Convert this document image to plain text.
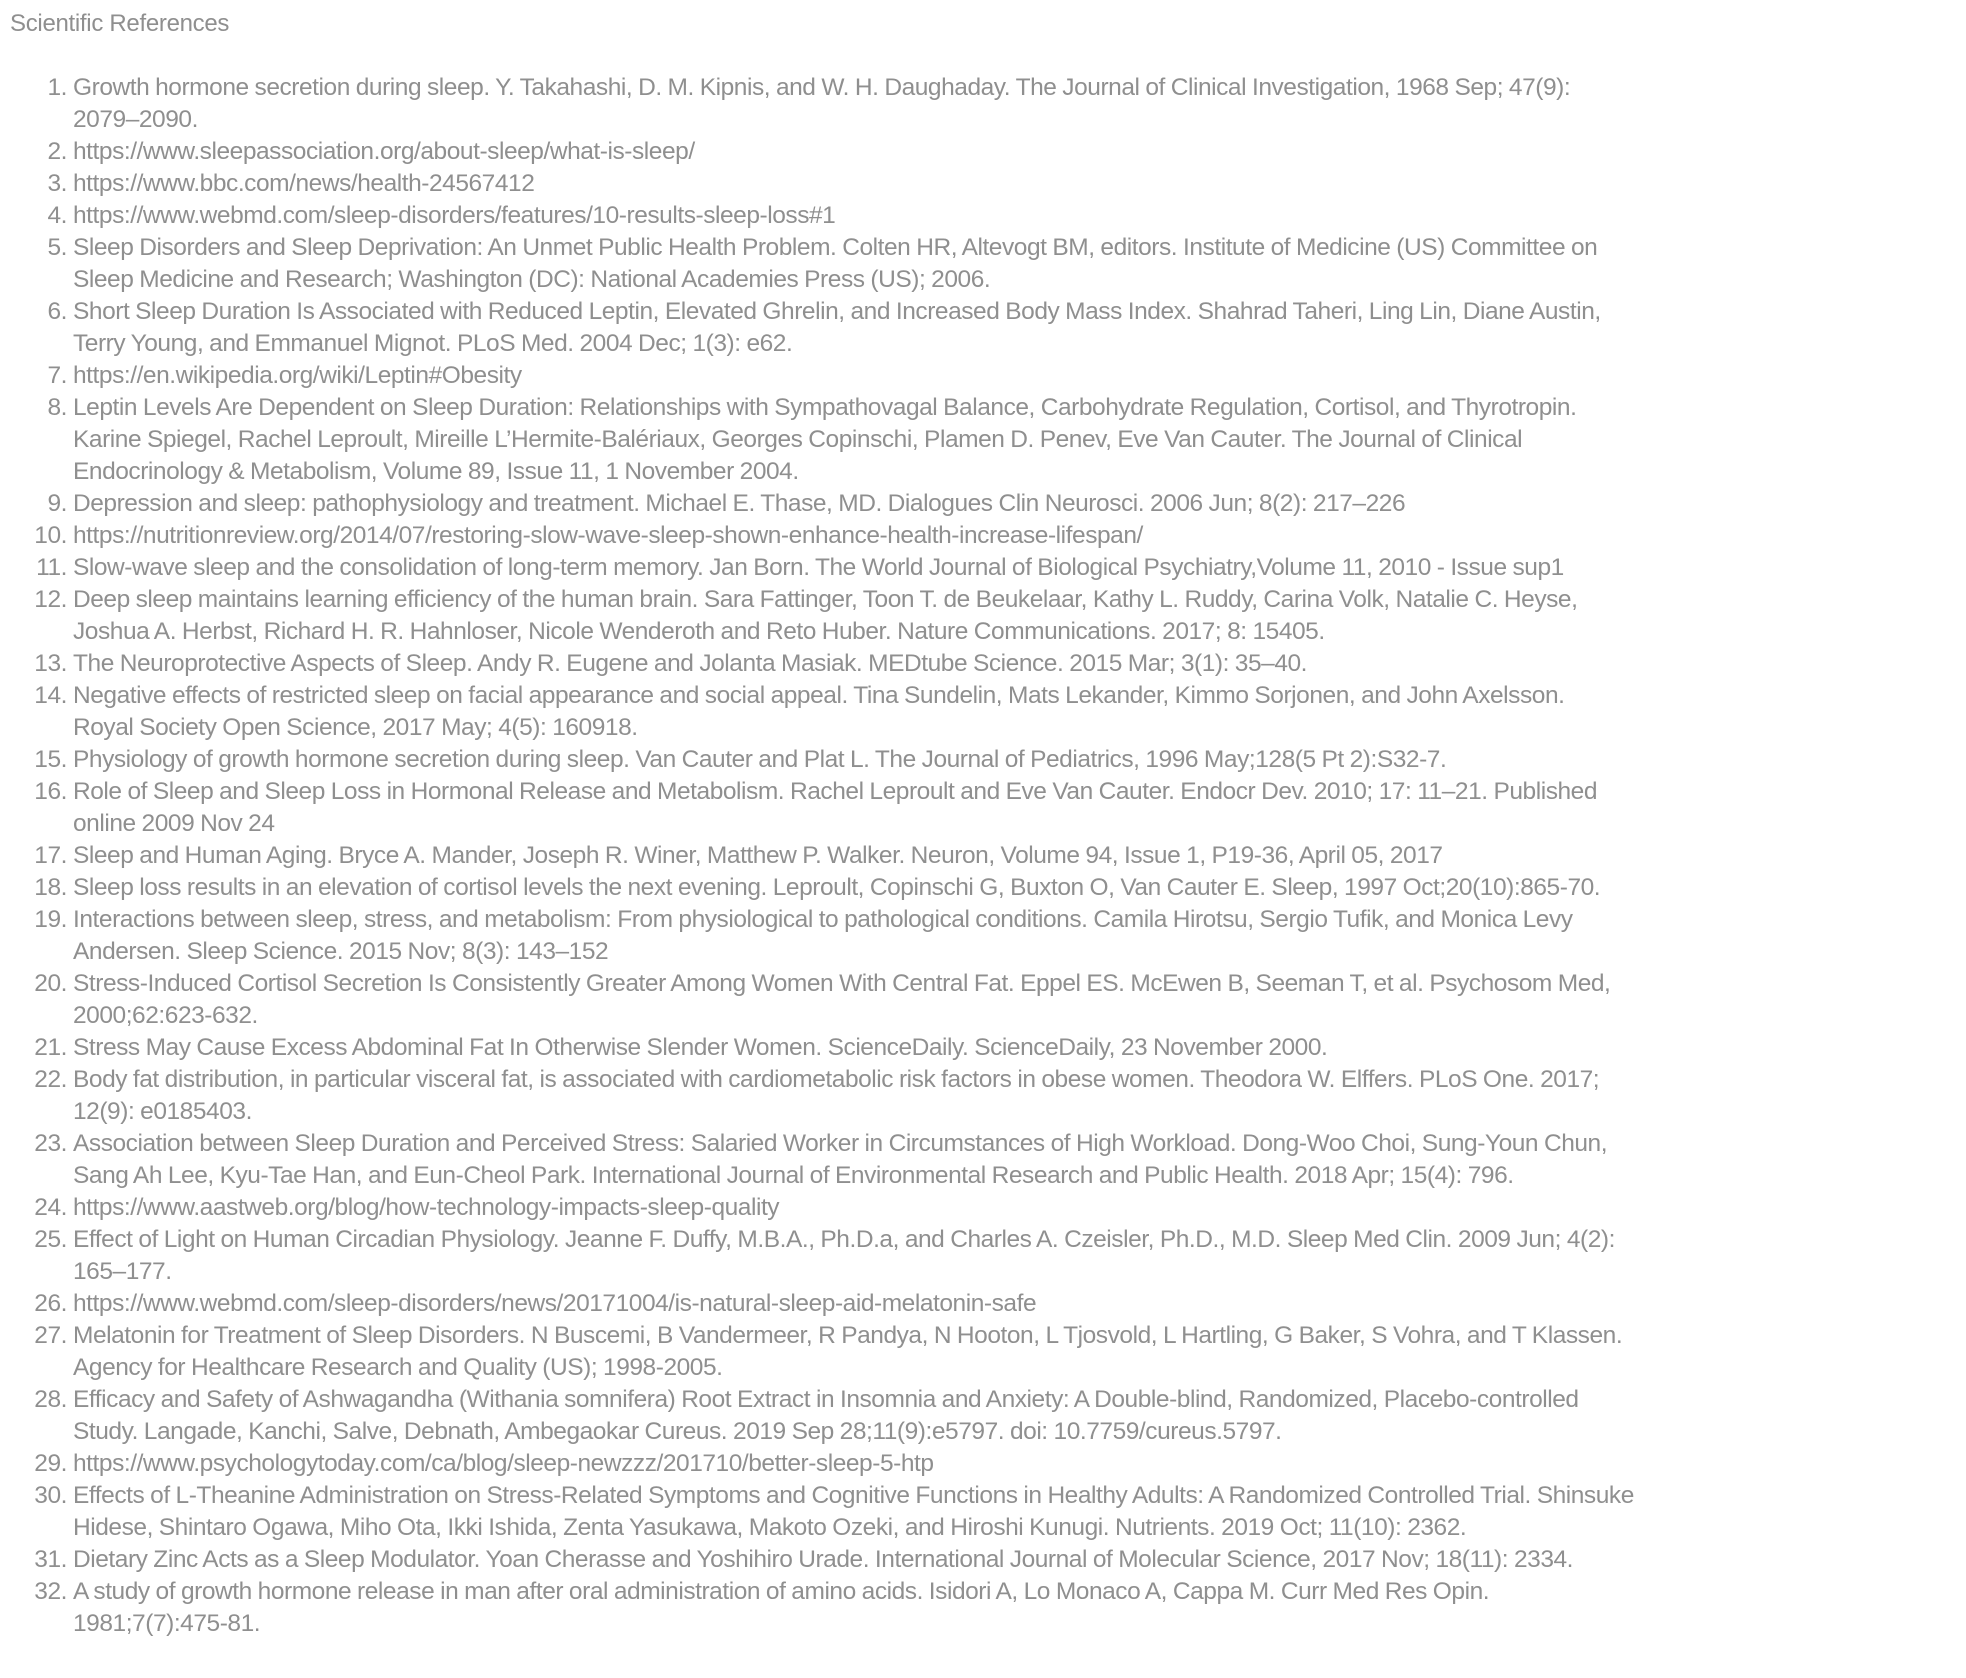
Scientific References
1. Growth hormone secretion during sleep. Y. Takahashi, D. M. Kipnis, and W. H. Daughaday. The Journal of Clinical Investigation, 1968 Sep; 47(9):
2079–2090.
2. https://www.sleepassociation.org/about-sleep/what-is-sleep/
3. https://www.bbc.com/news/health-24567412
4. https://www.webmd.com/sleep-disorders/features/10-results-sleep-loss#1
5. Sleep Disorders and Sleep Deprivation: An Unmet Public Health Problem. Colten HR, Altevogt BM, editors. Institute of Medicine (US) Committee on
Sleep Medicine and Research; Washington (DC): National Academies Press (US); 2006.
6. Short Sleep Duration Is Associated with Reduced Leptin, Elevated Ghrelin, and Increased Body Mass Index. Shahrad Taheri, Ling Lin, Diane Austin,
Terry Young, and Emmanuel Mignot. PLoS Med. 2004 Dec; 1(3): e62.
7. https://en.wikipedia.org/wiki/Leptin#Obesity
8. Leptin Levels Are Dependent on Sleep Duration: Relationships with Sympathovagal Balance, Carbohydrate Regulation, Cortisol, and Thyrotropin.
Karine Spiegel, Rachel Leproult, Mireille L’Hermite-Balériaux, Georges Copinschi, Plamen D. Penev, Eve Van Cauter. The Journal of Clinical
Endocrinology & Metabolism, Volume 89, Issue 11, 1 November 2004.
9. Depression and sleep: pathophysiology and treatment. Michael E. Thase, MD. Dialogues Clin Neurosci. 2006 Jun; 8(2): 217–226
10. https://nutritionreview.org/2014/07/restoring-slow-wave-sleep-shown-enhance-health-increase-lifespan/
11. Slow-wave sleep and the consolidation of long-term memory. Jan Born. The World Journal of Biological Psychiatry,Volume 11, 2010 - Issue sup1
12. Deep sleep maintains learning efficiency of the human brain. Sara Fattinger, Toon T. de Beukelaar, Kathy L. Ruddy, Carina Volk, Natalie C. Heyse,
Joshua A. Herbst, Richard H. R. Hahnloser, Nicole Wenderoth and Reto Huber. Nature Communications. 2017; 8: 15405.
13. The Neuroprotective Aspects of Sleep. Andy R. Eugene and Jolanta Masiak. MEDtube Science. 2015 Mar; 3(1): 35–40.
14. Negative effects of restricted sleep on facial appearance and social appeal. Tina Sundelin, Mats Lekander, Kimmo Sorjonen, and John Axelsson.
Royal Society Open Science, 2017 May; 4(5): 160918.
15. Physiology of growth hormone secretion during sleep. Van Cauter and Plat L. The Journal of Pediatrics, 1996 May;128(5 Pt 2):S32-7.
16. Role of Sleep and Sleep Loss in Hormonal Release and Metabolism. Rachel Leproult and Eve Van Cauter. Endocr Dev. 2010; 17: 11–21. Published
online 2009 Nov 24
17. Sleep and Human Aging. Bryce A. Mander, Joseph R. Winer, Matthew P. Walker. Neuron, Volume 94, Issue 1, P19-36, April 05, 2017
18. Sleep loss results in an elevation of cortisol levels the next evening. Leproult, Copinschi G, Buxton O, Van Cauter E. Sleep, 1997 Oct;20(10):865-70.
19. Interactions between sleep, stress, and metabolism: From physiological to pathological conditions. Camila Hirotsu, Sergio Tufik, and Monica Levy
Andersen. Sleep Science. 2015 Nov; 8(3): 143–152
20. Stress-Induced Cortisol Secretion Is Consistently Greater Among Women With Central Fat. Eppel ES. McEwen B, Seeman T, et al. Psychosom Med,
2000;62:623-632.
21. Stress May Cause Excess Abdominal Fat In Otherwise Slender Women. ScienceDaily. ScienceDaily, 23 November 2000.
22. Body fat distribution, in particular visceral fat, is associated with cardiometabolic risk factors in obese women. Theodora W. Elffers. PLoS One. 2017;
12(9): e0185403.
23. Association between Sleep Duration and Perceived Stress: Salaried Worker in Circumstances of High Workload. Dong-Woo Choi, Sung-Youn Chun,
Sang Ah Lee, Kyu-Tae Han, and Eun-Cheol Park. International Journal of Environmental Research and Public Health. 2018 Apr; 15(4): 796.
24. https://www.aastweb.org/blog/how-technology-impacts-sleep-quality
25. Effect of Light on Human Circadian Physiology. Jeanne F. Duffy, M.B.A., Ph.D.a, and Charles A. Czeisler, Ph.D., M.D. Sleep Med Clin. 2009 Jun; 4(2):
165–177.
26. https://www.webmd.com/sleep-disorders/news/20171004/is-natural-sleep-aid-melatonin-safe
27. Melatonin for Treatment of Sleep Disorders. N Buscemi, B Vandermeer, R Pandya, N Hooton, L Tjosvold, L Hartling, G Baker, S Vohra, and T Klassen.
Agency for Healthcare Research and Quality (US); 1998-2005.
28. Efficacy and Safety of Ashwagandha (Withania somnifera) Root Extract in Insomnia and Anxiety: A Double-blind, Randomized, Placebo-controlled
Study. Langade, Kanchi, Salve, Debnath, Ambegaokar Cureus. 2019 Sep 28;11(9):e5797. doi: 10.7759/cureus.5797.
29. https://www.psychologytoday.com/ca/blog/sleep-newzzz/201710/better-sleep-5-htp
30. Effects of L-Theanine Administration on Stress-Related Symptoms and Cognitive Functions in Healthy Adults: A Randomized Controlled Trial. Shinsuke
Hidese, Shintaro Ogawa, Miho Ota, Ikki Ishida, Zenta Yasukawa, Makoto Ozeki, and Hiroshi Kunugi. Nutrients. 2019 Oct; 11(10): 2362.
31. Dietary Zinc Acts as a Sleep Modulator. Yoan Cherasse and Yoshihiro Urade. International Journal of Molecular Science, 2017 Nov; 18(11): 2334.
32. A study of growth hormone release in man after oral administration of amino acids. Isidori A, Lo Monaco A, Cappa M. Curr Med Res Opin.
1981;7(7):475-81.
